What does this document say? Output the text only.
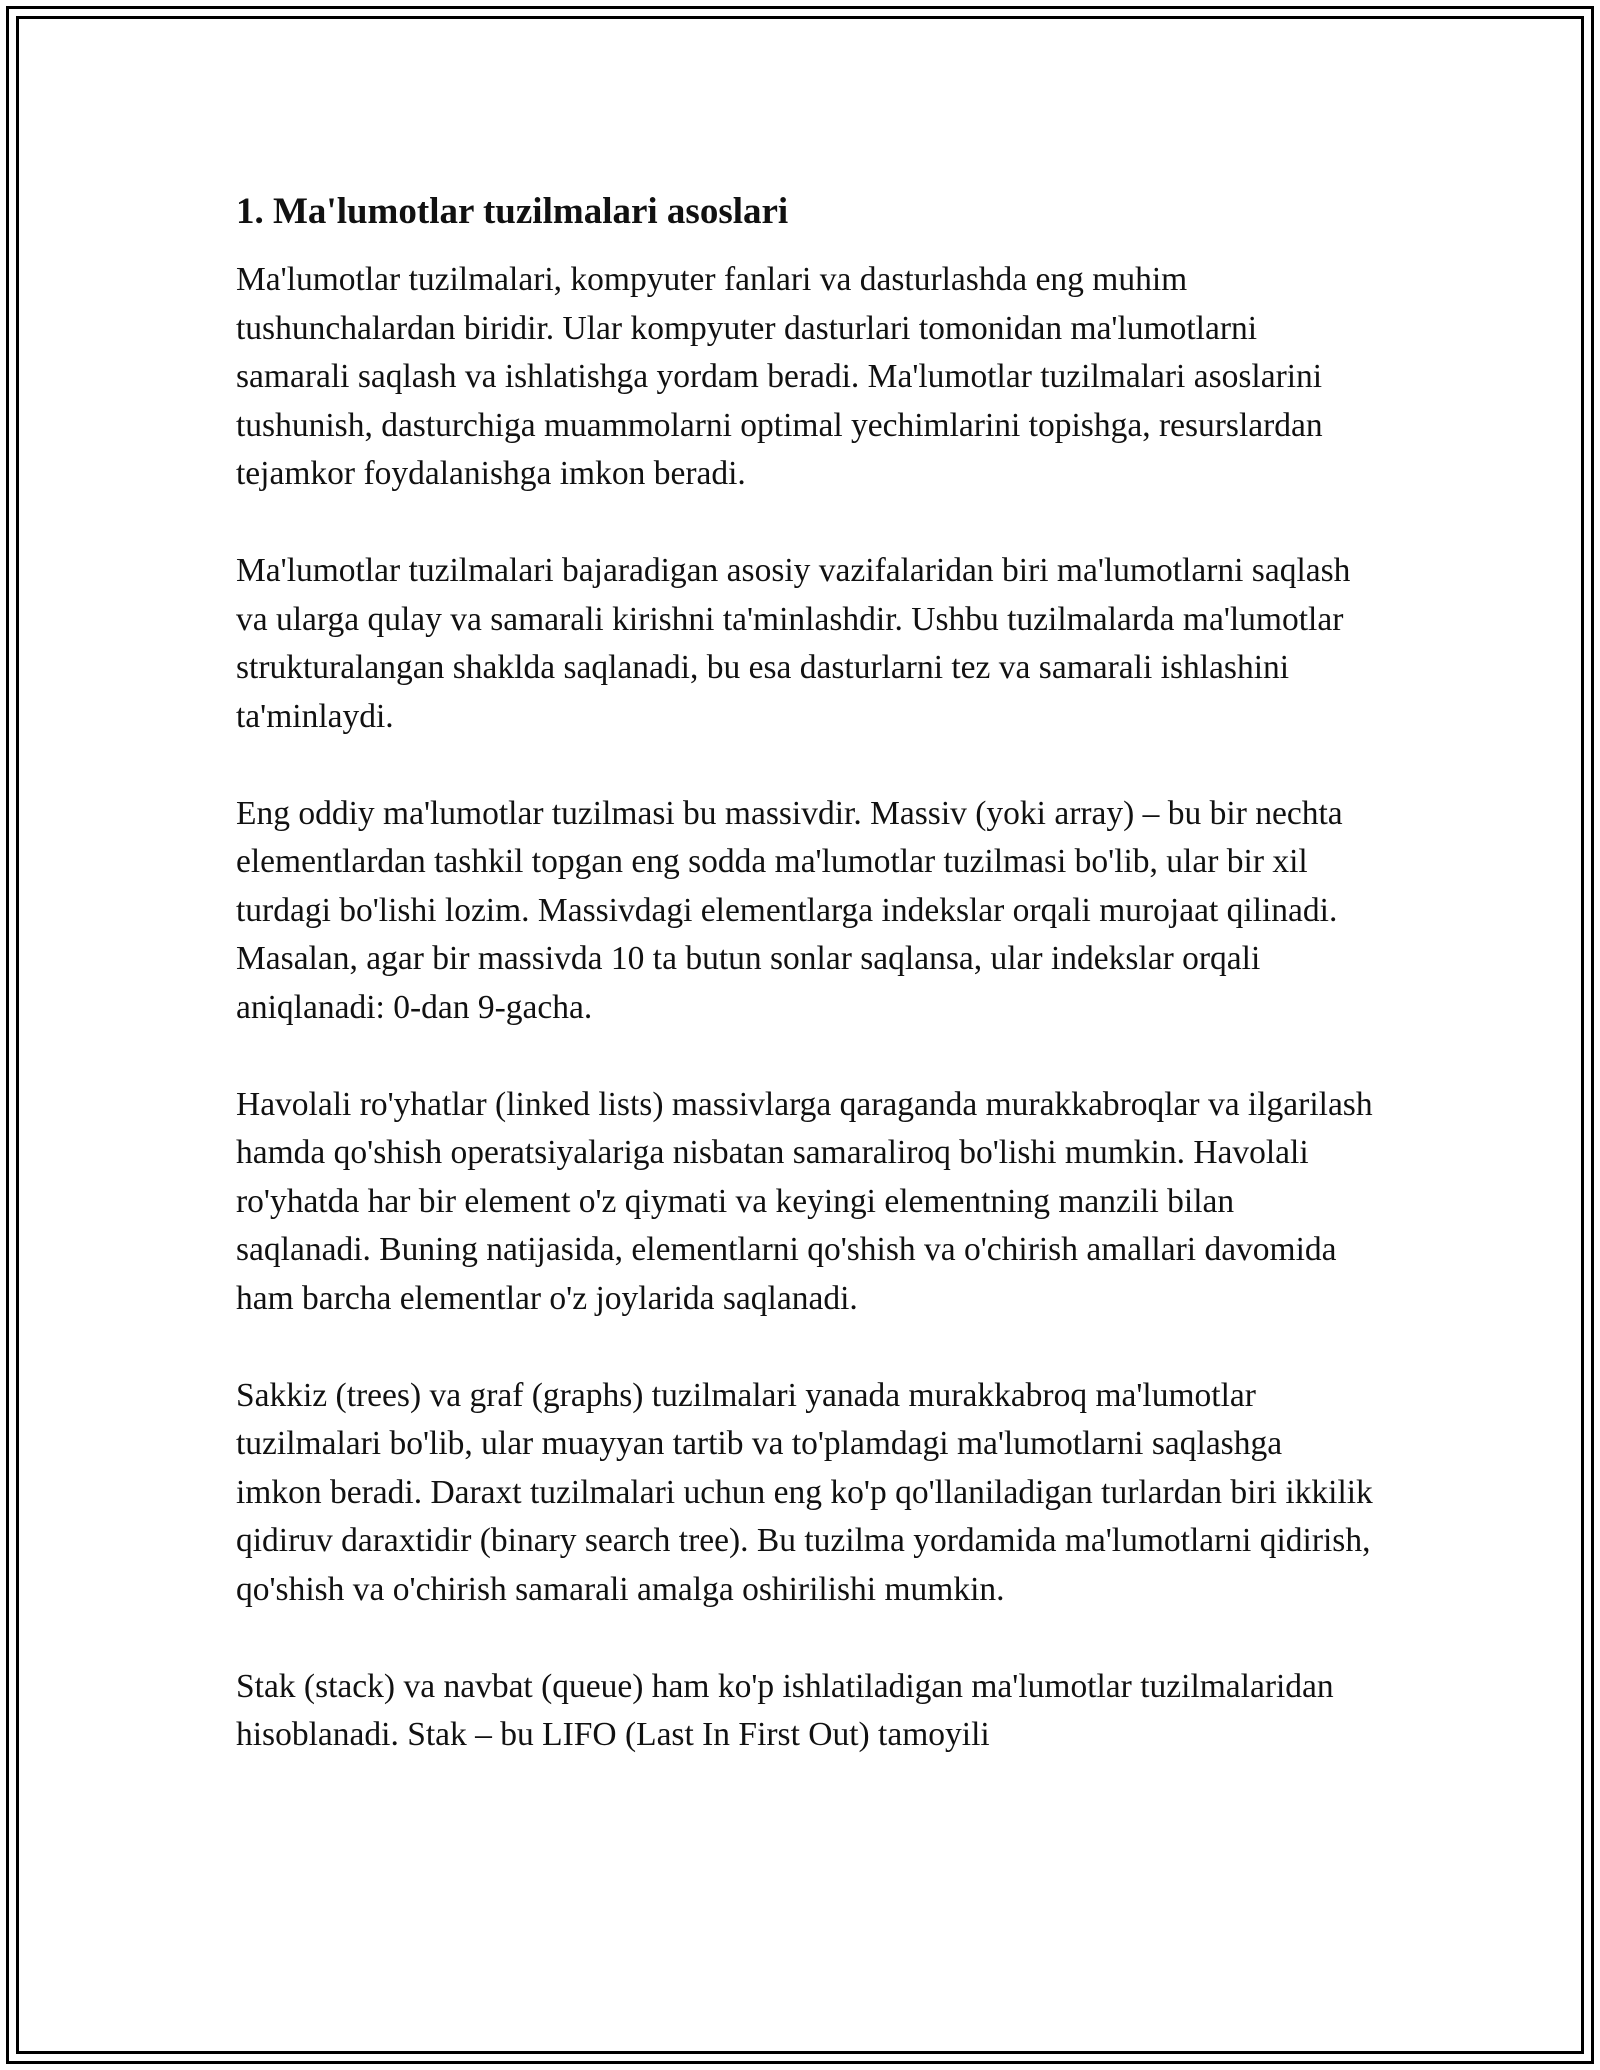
1. Ma'lumotlar tuzilmalari asoslari

Ma'lumotlar tuzilmalari, kompyuter fanlari va dasturlashda eng muhim tushunchalardan biridir. Ular kompyuter dasturlari tomonidan ma'lumotlarni samarali saqlash va ishlatishga yordam beradi. Ma'lumotlar tuzilmalari asoslarini tushunish, dasturchiga muammolarni optimal yechimlarini topishga, resurslardan tejamkor foydalanishga imkon beradi.

Ma'lumotlar tuzilmalari bajaradigan asosiy vazifalaridan biri ma'lumotlarni saqlash va ularga qulay va samarali kirishni ta'minlashdir. Ushbu tuzilmalarda ma'lumotlar strukturalangan shaklda saqlanadi, bu esa dasturlarni tez va samarali ishlashini ta'minlaydi.

Eng oddiy ma'lumotlar tuzilmasi bu massivdir. Massiv (yoki array) – bu bir nechta elementlardan tashkil topgan eng sodda ma'lumotlar tuzilmasi bo'lib, ular bir xil turdagi bo'lishi lozim. Massivdagi elementlarga indekslar orqali murojaat qilinadi. Masalan, agar bir massivda 10 ta butun sonlar saqlansa, ular indekslar orqali aniqlanadi: 0-dan 9-gacha.

Havolali ro'yhatlar (linked lists) massivlarga qaraganda murakkabroqlar va ilgarilash hamda qo'shish operatsiyalariga nisbatan samaraliroq bo'lishi mumkin. Havolali ro'yhatda har bir element o'z qiymati va keyingi elementning manzili bilan saqlanadi. Buning natijasida, elementlarni qo'shish va o'chirish amallari davomida ham barcha elementlar o'z joylarida saqlanadi.

Sakkiz (trees) va graf (graphs) tuzilmalari yanada murakkabroq ma'lumotlar tuzilmalari bo'lib, ular muayyan tartib va to'plamdagi ma'lumotlarni saqlashga imkon beradi. Daraxt tuzilmalari uchun eng ko'p qo'llaniladigan turlardan biri ikkilik qidiruv daraxtidir (binary search tree). Bu tuzilma yordamida ma'lumotlarni qidirish, qo'shish va o'chirish samarali amalga oshirilishi mumkin.

Stak (stack) va navbat (queue) ham ko'p ishlatiladigan ma'lumotlar tuzilmalaridan hisoblanadi. Stak – bu LIFO (Last In First Out) tamoyili
